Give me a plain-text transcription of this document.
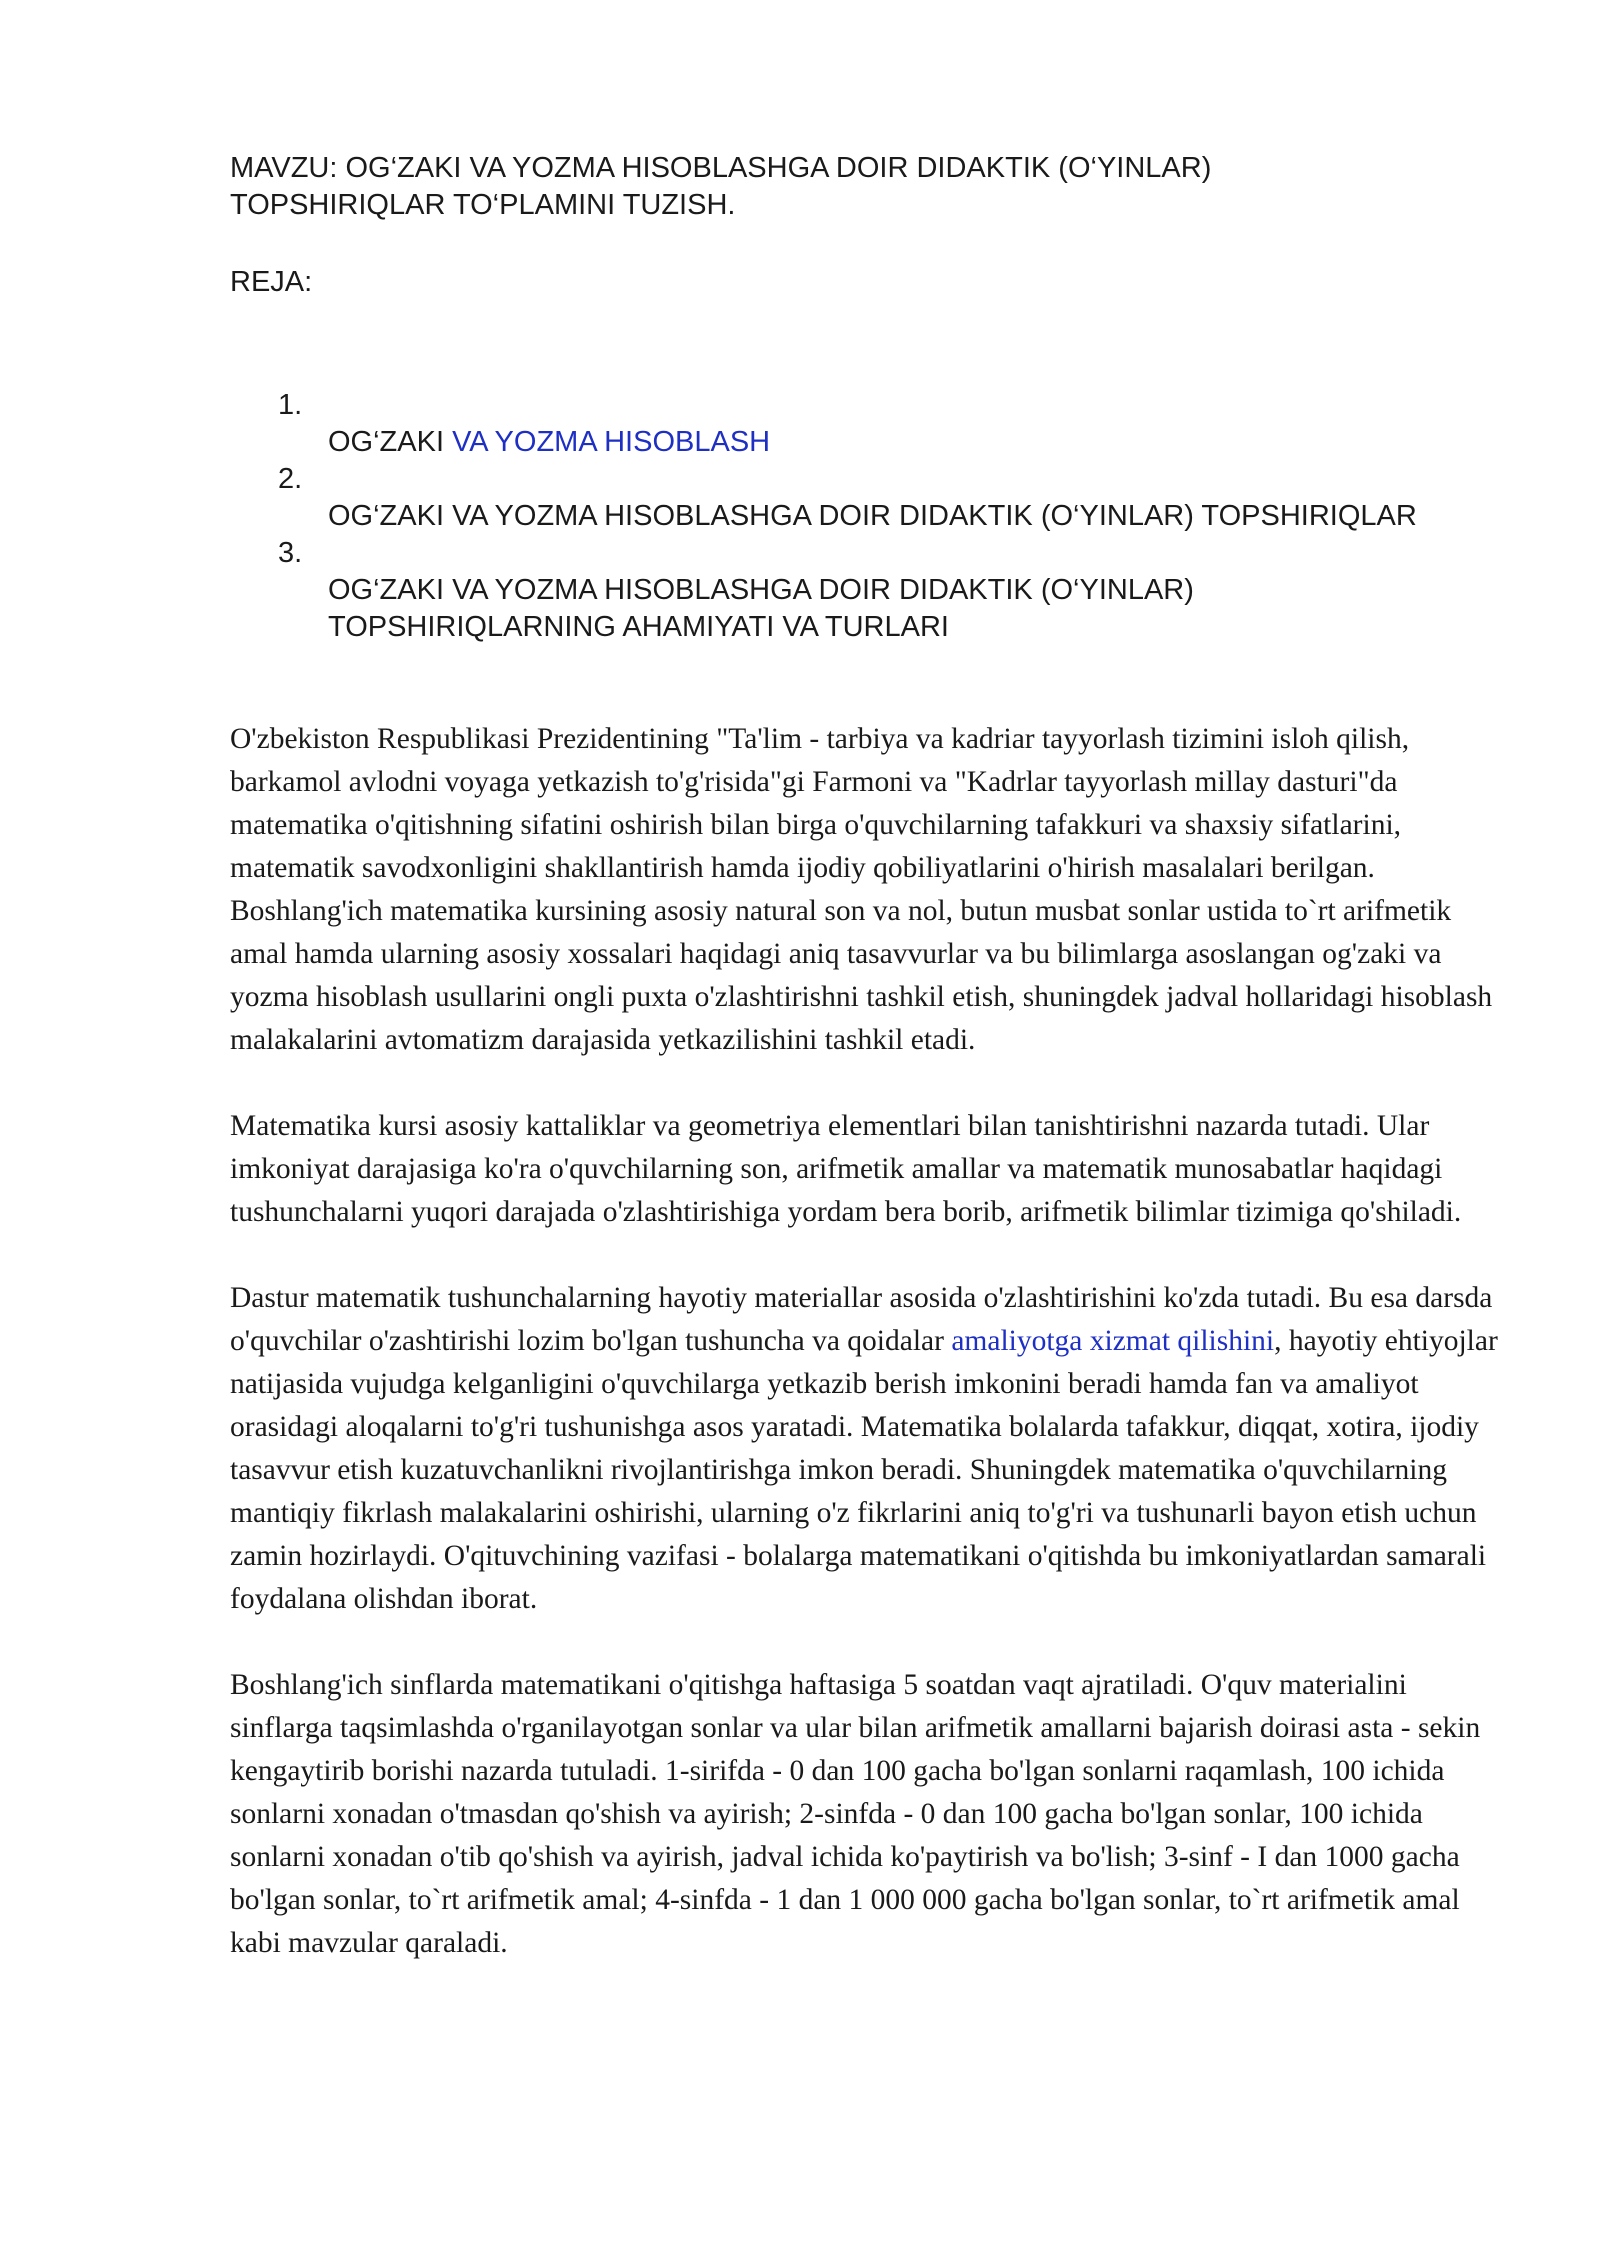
MAVZU: OG‘ZAKI VA YOZMA HISOBLASHGA DOIR DIDAKTIK (O‘YINLAR) TOPSHIRIQLAR TO‘PLAMINI TUZISH.
REJA:
1.
OG‘ZAKI VA YOZMA HISOBLASH
2.
OG‘ZAKI VA YOZMA HISOBLASHGA DOIR DIDAKTIK (O‘YINLAR) TOPSHIRIQLAR
3.
OG‘ZAKI VA YOZMA HISOBLASHGA DOIR DIDAKTIK (O‘YINLAR) TOPSHIRIQLARNING AHAMIYATI VA TURLARI

O'zbekiston Respublikasi Prezidentining "Ta'lim - tarbiya va kadriar tayyorlash tizimini isloh qilish, barkamol avlodni voyaga yetkazish to'g'risida"gi Farmoni va "Kadrlar tayyorlash millay dasturi"da matematika o'qitishning sifatini oshirish bilan birga o'quvchilarning tafakkuri va shaxsiy sifatlarini, matematik savodxonligini shakllantirish hamda ijodiy qobiliyatlarini o'hirish masalalari berilgan. Boshlang'ich matematika kursining asosiy natural son va nol, butun musbat sonlar ustida to`rt arifmetik amal hamda ularning asosiy xossalari haqidagi aniq tasavvurlar va bu bilimlarga asoslangan og'zaki va yozma hisoblash usullarini ongli puxta o'zlashtirishni tashkil etish, shuningdek jadval hollaridagi hisoblash malakalarini avtomatizm darajasida yetkazilishini tashkil etadi.

Matematika kursi asosiy kattaliklar va geometriya elementlari bilan tanishtirishni nazarda tutadi. Ular imkoniyat darajasiga ko'ra o'quvchilarning son, arifmetik amallar va matematik munosabatlar haqidagi tushunchalarni yuqori darajada o'zlashtirishiga yordam bera borib, arifmetik bilimlar tizimiga qo'shiladi.

Dastur matematik tushunchalarning hayotiy materiallar asosida o'zlashtirishini ko'zda tutadi. Bu esa darsda o'quvchilar o'zashtirishi lozim bo'lgan tushuncha va qoidalar amaliyotga xizmat qilishini, hayotiy ehtiyojlar natijasida vujudga kelganligini o'quvchilarga yetkazib berish imkonini beradi hamda fan va amaliyot orasidagi aloqalarni to'g'ri tushunishga asos yaratadi. Matematika bolalarda tafakkur, diqqat, xotira, ijodiy tasavvur etish kuzatuvchanlikni rivojlantirishga imkon beradi. Shuningdek matematika o'quvchilarning mantiqiy fikrlash malakalarini oshirishi, ularning o'z fikrlarini aniq to'g'ri va tushunarli bayon etish uchun zamin hozirlaydi. O'qituvchining vazifasi - bolalarga matematikani o'qitishda bu imkoniyatlardan samarali foydalana olishdan iborat.

Boshlang'ich sinflarda matematikani o'qitishga haftasiga 5 soatdan vaqt ajratiladi. O'quv materialini sinflarga taqsimlashda o'rganilayotgan sonlar va ular bilan arifmetik amallarni bajarish doirasi asta - sekin kengaytirib borishi nazarda tutuladi. 1-sirifda - 0 dan 100 gacha bo'lgan sonlarni raqamlash, 100 ichida sonlarni xonadan o'tmasdan qo'shish va ayirish; 2-sinfda - 0 dan 100 gacha bo'lgan sonlar, 100 ichida sonlarni xonadan o'tib qo'shish va ayirish, jadval ichida ko'paytirish va bo'lish; 3-sinf - I dan 1000 gacha bo'lgan sonlar, to`rt arifmetik amal; 4-sinfda - 1 dan 1 000 000 gacha bo'lgan sonlar, to`rt arifmetik amal kabi mavzular qaraladi.
